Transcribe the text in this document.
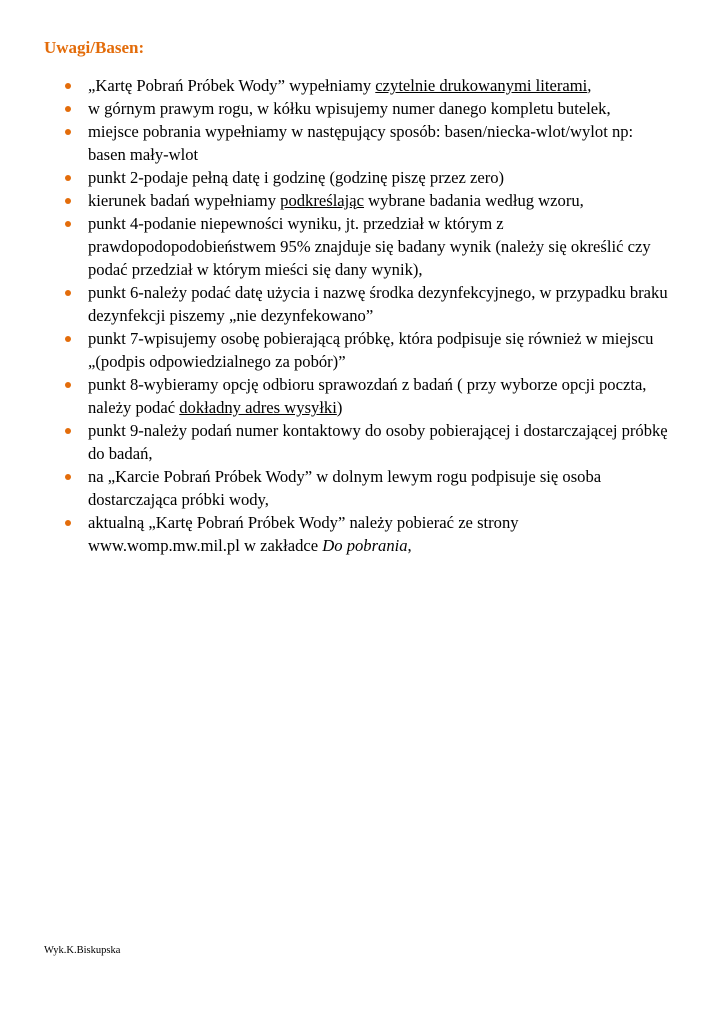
Uwagi/Basen:
„Kartę Pobrań Próbek Wody” wypełniamy czytelnie drukowanymi literami,
w górnym prawym rogu, w kółku wpisujemy numer danego kompletu butelek,
miejsce pobrania wypełniamy w następujący sposób: basen/niecka-wlot/wylot np: basen mały-wlot
punkt 2-podaje pełną datę i godzinę (godzinę piszę przez zero)
kierunek badań wypełniamy podkreślając wybrane badania według wzoru,
punkt 4-podanie niepewności wyniku, jt. przedział w którym z prawdopodopodobieństwem 95% znajduje się badany wynik (należy się określić czy podać przedział w którym mieści się dany wynik),
punkt 6-należy podać datę użycia i nazwę środka dezynfekcyjnego, w przypadku braku dezynfekcji piszemy „nie dezynfekowano”
punkt 7-wpisujemy osobę pobierającą próbkę, która podpisuje się również w miejscu „(podpis odpowiedzialnego za pobór)”
punkt 8-wybieramy opcję odbioru sprawozdań z badań ( przy wyborze opcji poczta, należy podać dokładny adres wysyłki)
punkt 9-należy podań numer kontaktowy do osoby pobierającej i dostarczającej próbkę do badań,
na „Karcie Pobrań Próbek Wody” w dolnym lewym rogu podpisuje się osoba dostarczająca próbki wody,
aktualną „Kartę Pobrań Próbek Wody” należy pobierać ze strony www.womp.mw.mil.pl w zakładce Do pobrania,

Wyk.K.Biskupska
